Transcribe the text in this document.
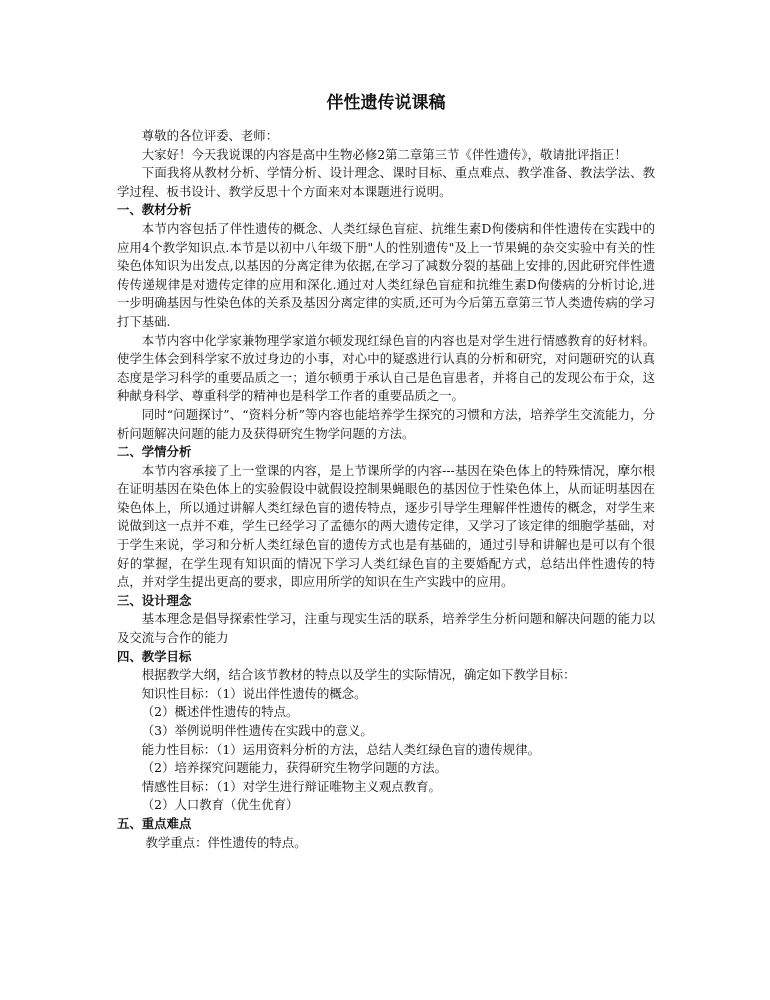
伴性遗传说课稿

尊敬的各位评委、老师：

大家好！今天我说课的内容是高中生物必修2第二章第三节《伴性遗传》，敬请批评指正！

下面我将从教材分析、学情分析、设计理念、课时目标、重点难点、教学准备、教法学法、教学过程、板书设计、教学反思十个方面来对本课题进行说明。

一、教材分析

本节内容包括了伴性遗传的概念、人类红绿色盲症、抗维生素D佝偻病和伴性遗传在实践中的应用4个教学知识点.本节是以初中八年级下册"人的性别遗传"及上一节果蝇的杂交实验中有关的性染色体知识为出发点,以基因的分离定律为依据,在学习了减数分裂的基础上安排的,因此研究伴性遗传传递规律是对遗传定律的应用和深化.通过对人类红绿色盲症和抗维生素D佝偻病的分析讨论,进一步明确基因与性染色体的关系及基因分离定律的实质,还可为今后第五章第三节人类遗传病的学习打下基础.

本节内容中化学家兼物理学家道尔顿发现红绿色盲的内容也是对学生进行情感教育的好材料。使学生体会到科学家不放过身边的小事，对心中的疑惑进行认真的分析和研究，对问题研究的认真态度是学习科学的重要品质之一；道尔顿勇于承认自己是色盲患者，并将自己的发现公布于众，这种献身科学、尊重科学的精神也是科学工作者的重要品质之一。

同时“问题探讨”、“资料分析”等内容也能培养学生探究的习惯和方法，培养学生交流能力，分析问题解决问题的能力及获得研究生物学问题的方法。

二、学情分析

本节内容承接了上一堂课的内容，是上节课所学的内容---基因在染色体上的特殊情况，摩尔根在证明基因在染色体上的实验假设中就假设控制果蝇眼色的基因位于性染色体上，从而证明基因在染色体上，所以通过讲解人类红绿色盲的遗传特点，逐步引导学生理解伴性遗传的概念，对学生来说做到这一点并不难，学生已经学习了孟德尔的两大遗传定律，又学习了该定律的细胞学基础，对于学生来说，学习和分析人类红绿色盲的遗传方式也是有基础的，通过引导和讲解也是可以有个很好的掌握，在学生现有知识面的情况下学习人类红绿色盲的主要婚配方式，总结出伴性遗传的特点，并对学生提出更高的要求，即应用所学的知识在生产实践中的应用。

三、设计理念

基本理念是倡导探索性学习，注重与现实生活的联系，培养学生分析问题和解决问题的能力以及交流与合作的能力

四、教学目标
根据教学大纲，结合该节教材的特点以及学生的实际情况，确定如下教学目标：
知识性目标：（1）说出伴性遗传的概念。
（2）概述伴性遗传的特点。
（3）举例说明伴性遗传在实践中的意义。
能力性目标：（1）运用资料分析的方法，总结人类红绿色盲的遗传规律。
（2）培养探究问题能力，获得研究生物学问题的方法。
情感性目标：（1）对学生进行辩证唯物主义观点教育。
（2）人口教育（优生优育）
五、重点难点
教学重点：伴性遗传的特点。
